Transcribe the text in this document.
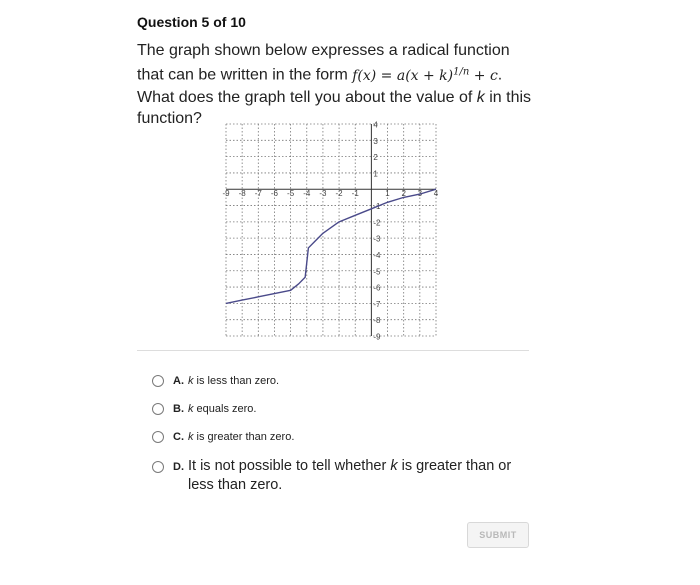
Question 5 of 10
The graph shown below expresses a radical function that can be written in the form $f(x) = a(x + k)^{1/n} + c$. What does the graph tell you about the value of k in this function?
-9 -8 -7 -6 -5 -4 -3 -2 -1	1 2 3 4
4
3
2
1
-1
-2
-3
-4
-5
-6
-7
-8
-9
A. k is less than zero.
B. k equals zero.
C. k is greater than zero.
D. It is not possible to tell whether k is greater than or less than zero.
SUBMIT
